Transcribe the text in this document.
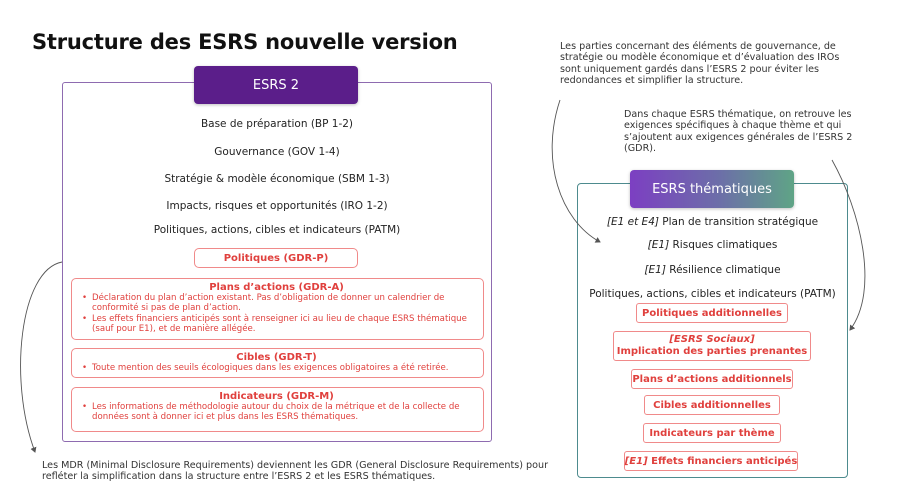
Structure des ESRS nouvelle version
ESRS 2
Base de préparation (BP 1-2)
Gouvernance (GOV 1-4)
Stratégie & modèle économique (SBM 1-3)
Impacts, risques et opportunités (IRO 1-2)
Politiques, actions, cibles et indicateurs (PATM)
Politiques (GDR-P)
Plans d’actions (GDR-A)
• Déclaration du plan d’action existant. Pas d’obligation de donner un calendrier de conformité si pas de plan d’action.
• Les effets financiers anticipés sont à renseigner ici au lieu de chaque ESRS thématique (sauf pour E1), et de manière allégée.
Cibles (GDR-T)
• Toute mention des seuils écologiques dans les exigences obligatoires a été retirée.
Indicateurs (GDR-M)
• Les informations de méthodologie autour du choix de la métrique et de la collecte de données sont à donner ici et plus dans les ESRS thématiques.
Les parties concernant des éléments de gouvernance, de stratégie ou modèle économique et d’évaluation des IROs sont uniquement gardés dans l’ESRS 2 pour éviter les redondances et simplifier la structure.
Dans chaque ESRS thématique, on retrouve les exigences spécifiques à chaque thème et qui s’ajoutent aux exigences générales de l’ESRS 2 (GDR).
Les MDR (Minimal Disclosure Requirements) deviennent les GDR (General Disclosure Requirements) pour refléter la simplification dans la structure entre l’ESRS 2 et les ESRS thématiques.
ESRS thématiques
[E1 et E4] Plan de transition stratégique
[E1] Risques climatiques
[E1] Résilience climatique
Politiques, actions, cibles et indicateurs (PATM)
Politiques additionnelles
[ESRS Sociaux]
Implication des parties prenantes
Plans d’actions additionnels
Cibles additionnelles
Indicateurs par thème
[E1] Effets financiers anticipés
